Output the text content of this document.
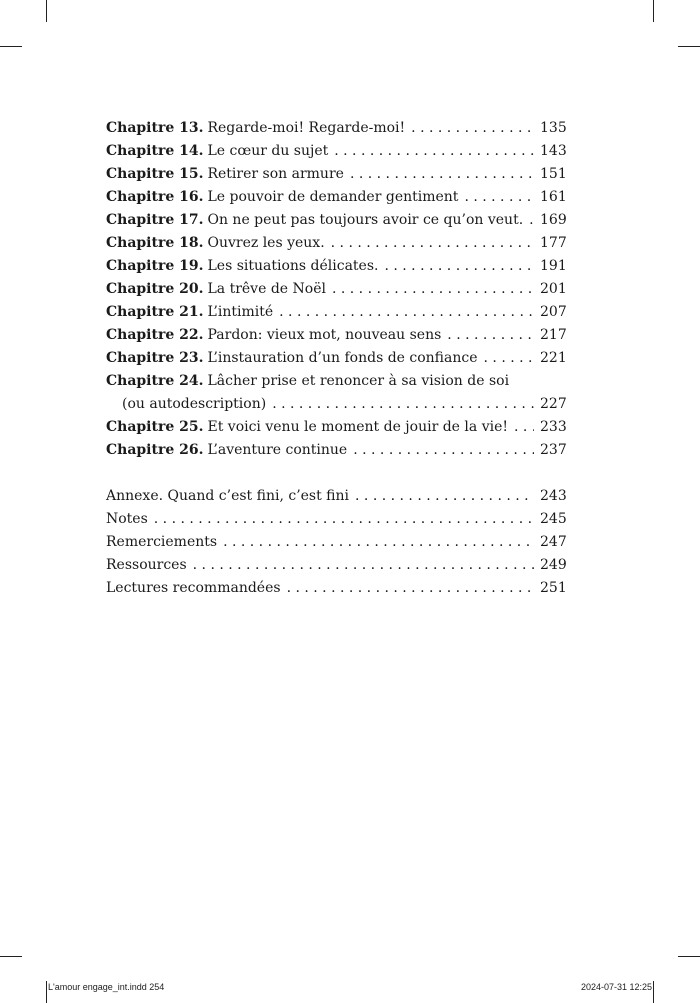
Chapitre 13. Regarde-moi! Regarde-moi! . . .	135
Chapitre 14. Le cœur du sujet . . .	143
Chapitre 15. Retirer son armure . . .	151
Chapitre 16. Le pouvoir de demander gentiment . . .	161
Chapitre 17. On ne peut pas toujours avoir ce qu’on veut. . . . 169
Chapitre 18. Ouvrez les yeux. . . .	177
Chapitre 19. Les situations délicates. . . .	191
Chapitre 20. La trêve de Noël . . .	201
Chapitre 21. L’intimité . . .	207
Chapitre 22. Pardon: vieux mot, nouveau sens . . .	217
Chapitre 23. L’instauration d’un fonds de confiance . . .	221
Chapitre 24. Lâcher prise et renoncer à sa vision de soi
(ou autodescription) . . .	227
Chapitre 25. Et voici venu le moment de jouir de la vie! . . . 233
Chapitre 26. L’aventure continue . . .	237
Annexe. Quand c’est fini, c’est fini . . .	243
Notes . . .	245
Remerciements . . .	247
Ressources . . .	249
Lectures recommandées . . .	251
L'amour engage_int.indd 254	2024-07-31 12:25
